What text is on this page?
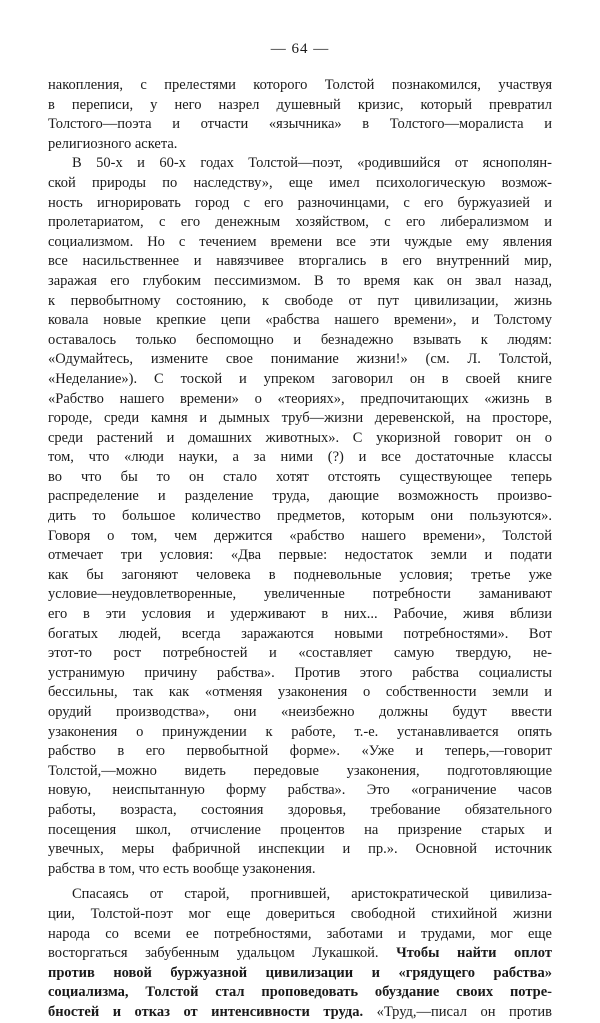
— 64 —
накопления, с прелестями которого Толстой познакомился, участвуя
в переписи, у него назрел душевный кризис, который превратил
Толстого—поэта и отчасти «язычника» в Толстого—моралиста и
религиозного аскета.
В 50-х и 60-х годах Толстой—поэт, «родившийся от яснополян-
ской природы по наследству», еще имел психологическую возмож-
ность игнорировать город с его разночинцами, с его буржуазией и
пролетариатом, с его денежным хозяйством, с его либерализмом и
социализмом. Но с течением времени все эти чуждые ему явления
все насильственнее и навязчивее вторгались в его внутренний мир,
заражая его глубоким пессимизмом. В то время как он звал назад,
к первобытному состоянию, к свободе от пут цивилизации, жизнь
ковала новые крепкие цепи «рабства нашего времени», и Толстому
оставалось только беспомощно и безнадежно взывать к людям:
«Одумайтесь, измените свое понимание жизни!» (см. Л. Толстой,
«Неделание»). С тоской и упреком заговорил он в своей книге
«Рабство нашего времени» о «теориях», предпочитающих «жизнь в
городе, среди камня и дымных труб—жизни деревенской, на просторе,
среди растений и домашних животных». С укоризной говорит он о
том, что «люди науки, а за ними (?) и все достаточные классы
во что бы то он стало хотят отстоять существующее теперь
распределение и разделение труда, дающие возможность произво-
дить то большое количество предметов, которым они пользуются».
Говоря о том, чем держится «рабство нашего времени», Толстой
отмечает три условия: «Два первые: недостаток земли и подати
как бы загоняют человека в подневольные условия; третье уже
условие—неудовлетворенные, увеличенные потребности заманивают
его в эти условия и удерживают в них... Рабочие, живя вблизи
богатых людей, всегда заражаются новыми потребностями». Вот
этот-то рост потребностей и «составляет самую твердую, не-
устранимую причину рабства». Против этого рабства социалисты
бессильны, так как «отменяя узаконения о собственности земли и
орудий производства», они «неизбежно должны будут ввести
узаконения о принуждении к работе, т.-е. устанавливается опять
рабство в его первобытной форме». «Уже и теперь,—говорит
Толстой,—можно видеть передовые узаконения, подготовляющие
новую, неиспытанную форму рабства». Это «ограничение часов
работы, возраста, состояния здоровья, требование обязательного
посещения школ, отчисление процентов на призрение старых и
увечных, меры фабричной инспекции и пр.». Основной источник
рабства в том, что есть вообще узаконения.
Спасаясь от старой, прогнившей, аристократической цивилиза-
ции, Толстой-поэт мог еще довериться свободной стихийной жизни
народа со всеми ее потребностями, заботами и трудами, мог еще
восторгаться забубенным удальцом Лукашкой. Чтобы найти оплот
против новой буржуазной цивилизации и «грядущего рабства»
социализма, Толстой стал проповедовать обуздание своих потре-
бностей и отказ от интенсивности труда. «Труд,—писал он против
